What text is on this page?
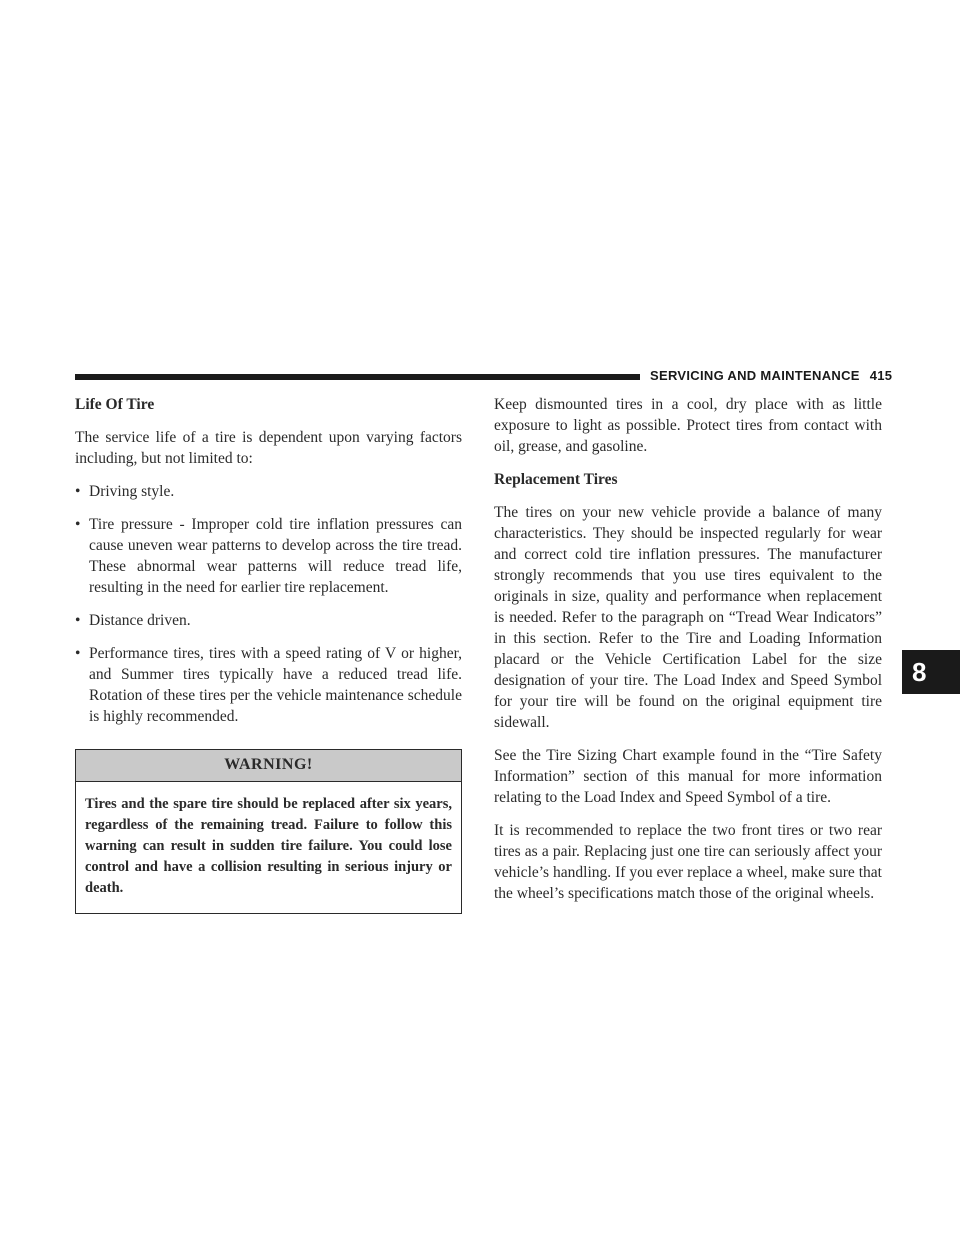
SERVICING AND MAINTENANCE 415
Life Of Tire

The service life of a tire is dependent upon varying factors including, but not limited to:

• Driving style.
• Tire pressure - Improper cold tire inflation pressures can cause uneven wear patterns to develop across the tire tread. These abnormal wear patterns will reduce tread life, resulting in the need for earlier tire replacement.
• Distance driven.
• Performance tires, tires with a speed rating of V or higher, and Summer tires typically have a reduced tread life. Rotation of these tires per the vehicle maintenance schedule is highly recommended.
WARNING!
Tires and the spare tire should be replaced after six years, regardless of the remaining tread. Failure to follow this warning can result in sudden tire failure. You could lose control and have a collision resulting in serious injury or death.

Keep dismounted tires in a cool, dry place with as little exposure to light as possible. Protect tires from contact with oil, grease, and gasoline.

Replacement Tires

The tires on your new vehicle provide a balance of many characteristics. They should be inspected regularly for wear and correct cold tire inflation pressures. The manufacturer strongly recommends that you use tires equivalent to the originals in size, quality and performance when replacement is needed. Refer to the paragraph on “Tread Wear Indicators” in this section. Refer to the Tire and Loading Information placard or the Vehicle Certification Label for the size designation of your tire. The Load Index and Speed Symbol for your tire will be found on the original equipment tire sidewall.

See the Tire Sizing Chart example found in the “Tire Safety Information” section of this manual for more information relating to the Load Index and Speed Symbol of a tire.

It is recommended to replace the two front tires or two rear tires as a pair. Replacing just one tire can seriously affect your vehicle’s handling. If you ever replace a wheel, make sure that the wheel’s specifications match those of the original wheels.

8
